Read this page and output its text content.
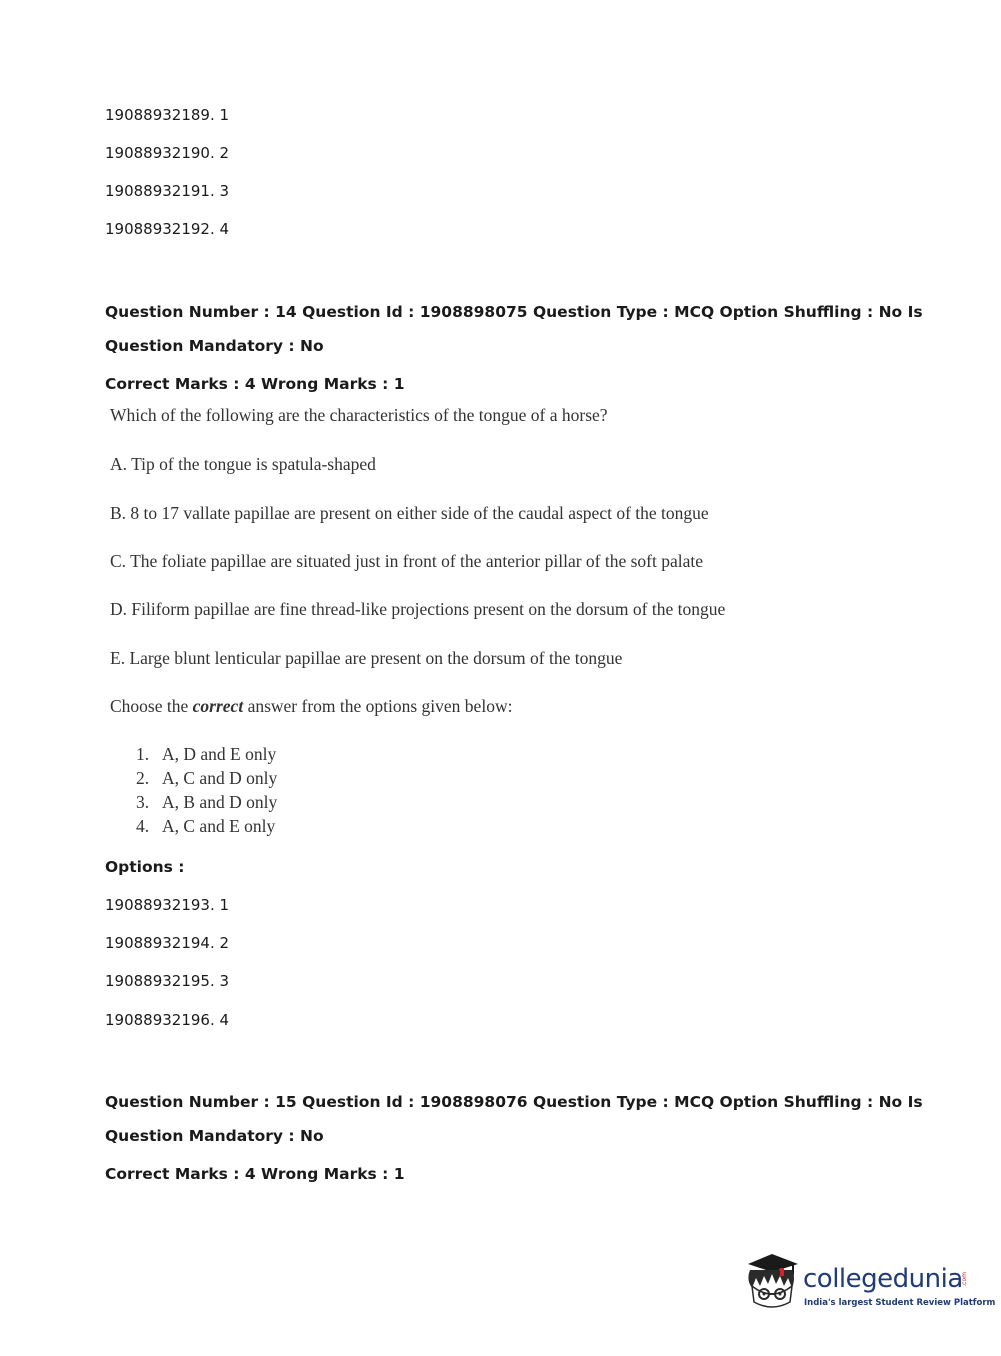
19088932189. 1
19088932190. 2
19088932191. 3
19088932192. 4
Question Number : 14 Question Id : 1908898075 Question Type : MCQ Option Shuffling : No Is
Question Mandatory : No
Correct Marks : 4 Wrong Marks : 1
Which of the following are the characteristics of the tongue of a horse?
A. Tip of the tongue is spatula-shaped
B. 8 to 17 vallate papillae are present on either side of the caudal aspect of the tongue
C. The foliate papillae are situated just in front of the anterior pillar of the soft palate
D. Filiform papillae are fine thread-like projections present on the dorsum of the tongue
E. Large blunt lenticular papillae are present on the dorsum of the tongue
Choose the correct answer from the options given below:
1. A, D and E only
2. A, C and D only
3. A, B and D only
4. A, C and E only
Options :
19088932193. 1
19088932194. 2
19088932195. 3
19088932196. 4
Question Number : 15 Question Id : 1908898076 Question Type : MCQ Option Shuffling : No Is
Question Mandatory : No
Correct Marks : 4 Wrong Marks : 1
collegedunia
.com
India's largest Student Review Platform
